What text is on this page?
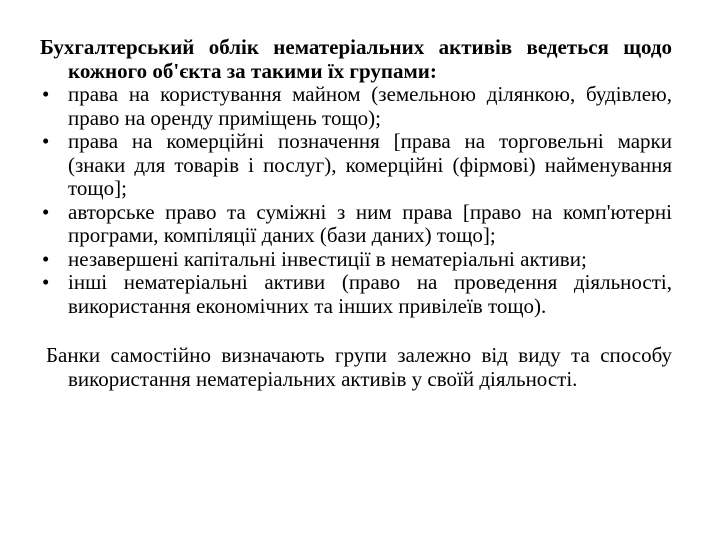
Бухгалтерський облік нематеріальних активів ведеться щодо кожного об'єкта за такими їх групами:

• права на користування майном (земельною ділянкою, будівлею, право на оренду приміщень тощо);
• права на комерційні позначення [права на торговельні марки (знаки для товарів і послуг), комерційні (фірмові) найменування тощо];
• авторське право та суміжні з ним права [право на комп'ютерні програми, компіляції даних (бази даних) тощо];
• незавершені капітальні інвестиції в нематеріальні активи;
• інші нематеріальні активи (право на проведення діяльності, використання економічних та інших привілеїв тощо).

Банки самостійно визначають групи залежно від виду та способу використання нематеріальних активів у своїй діяльності.
